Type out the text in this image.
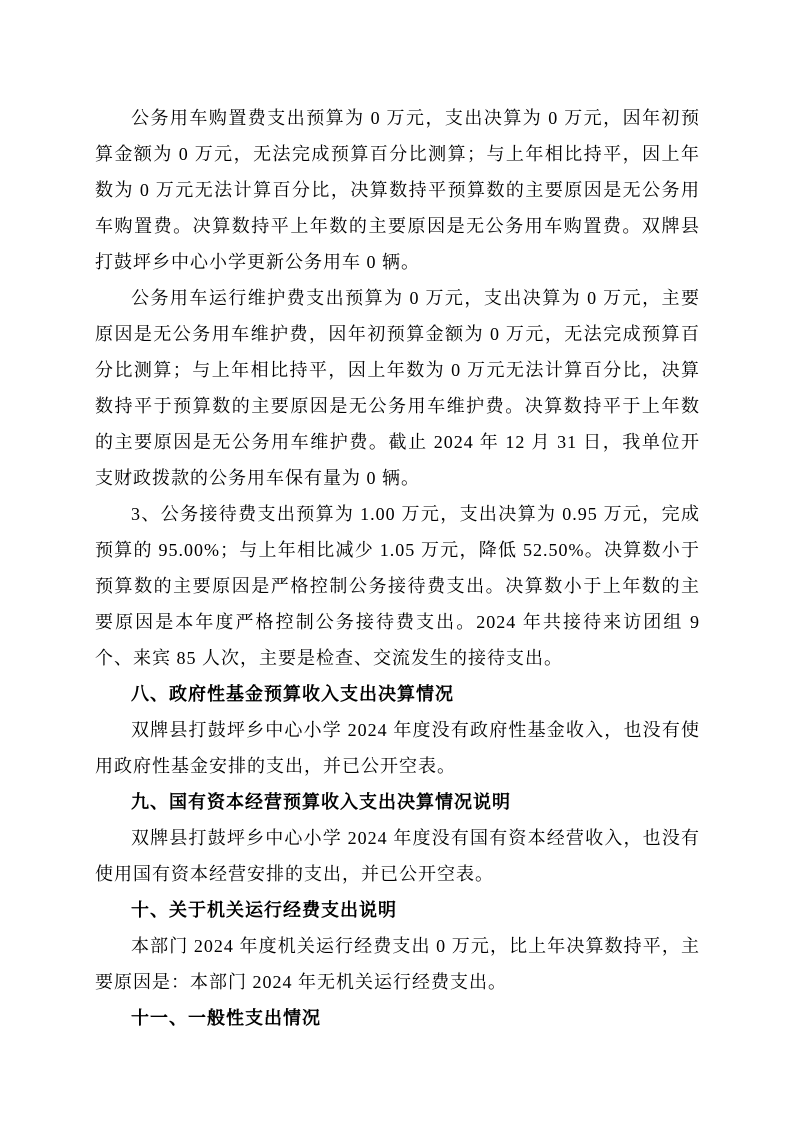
公务用车购置费支出预算为 0 万元，支出决算为 0 万元，因年初预算金额为 0 万元，无法完成预算百分比测算；与上年相比持平，因上年数为 0 万元无法计算百分比，决算数持平预算数的主要原因是无公务用车购置费。决算数持平上年数的主要原因是无公务用车购置费。双牌县打鼓坪乡中心小学更新公务用车 0 辆。

公务用车运行维护费支出预算为 0 万元，支出决算为 0 万元，主要原因是无公务用车维护费，因年初预算金额为 0 万元，无法完成预算百分比测算；与上年相比持平，因上年数为 0 万元无法计算百分比，决算数持平于预算数的主要原因是无公务用车维护费。决算数持平于上年数的主要原因是无公务用车维护费。截止 2024 年 12 月 31 日，我单位开支财政拨款的公务用车保有量为 0 辆。

3、公务接待费支出预算为 1.00 万元，支出决算为 0.95 万元，完成预算的 95.00%；与上年相比减少 1.05 万元，降低 52.50%。决算数小于预算数的主要原因是严格控制公务接待费支出。决算数小于上年数的主要原因是本年度严格控制公务接待费支出。2024 年共接待来访团组 9 个、来宾 85 人次，主要是检查、交流发生的接待支出。

八、政府性基金预算收入支出决算情况

双牌县打鼓坪乡中心小学 2024 年度没有政府性基金收入，也没有使用政府性基金安排的支出，并已公开空表。

九、国有资本经营预算收入支出决算情况说明

双牌县打鼓坪乡中心小学 2024 年度没有国有资本经营收入，也没有使用国有资本经营安排的支出，并已公开空表。

十、关于机关运行经费支出说明

本部门 2024 年度机关运行经费支出 0 万元，比上年决算数持平，主要原因是：本部门 2024 年无机关运行经费支出。

十一、一般性支出情况
